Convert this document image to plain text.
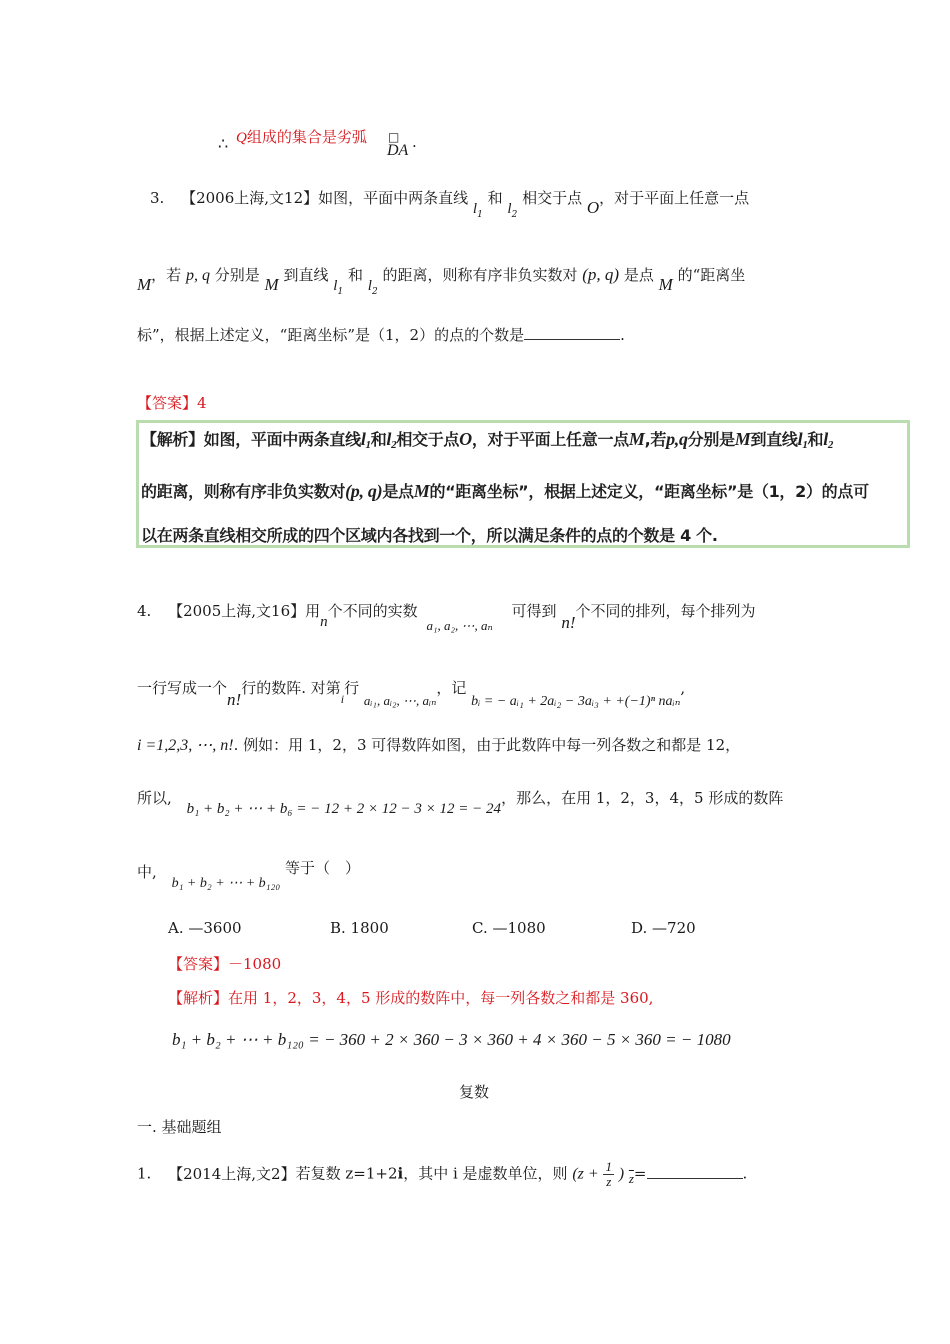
∴ Q组成的集合是劣弧 □
DA .
3. 【2006上海,文12】如图，平面中两条直线 $l_1$ 和 $l_2$ 相交于点 O，对于平面上任意一点
M，若 p, q 分别是 M 到直线 $l_1$ 和 $l_2$ 的距离，则称有序非负实数对 (p, q) 是点 M 的“距离坐
标”，根据上述定义，“距离坐标”是（1，2）的点的个数是	.
【答案】4
【解析】如图，平面中两条直线l1和l2相交于点O，对于平面上任意一点M,若p,q分别是M到直线l1和l2
的距离，则称有序非负实数对(p, q)是点M的“距离坐标”，根据上述定义，“距离坐标”是（1，2）的点可
以在两条直线相交所成的四个区域内各找到一个，所以满足条件的点的个数是 4 个.
4. 【2005上海,文16】用n个不同的实数 a₁, a₂, ⋯, aₙ 可得到 n!个不同的排列，每个排列为
一行写成一个n!行的数阵. 对第$_i$行 aᵢ₁, aᵢ₂, ⋯, aᵢₙ，记 bᵢ = − aᵢ₁ + 2aᵢ₂ − 3aᵢ₃ + +(−1)ⁿ naᵢₙ,
i =1,2,3, ⋯, n!. 例如：用 1，2，3 可得数阵如图，由于此数阵中每一列各数之和都是 12，
所以, b₁ + b₂ + ⋯ + b₆ = − 12 + 2 × 12 − 3 × 12 = − 24，那么，在用 1，2，3，4，5 形成的数阵
中, b₁ + b₂ + ⋯ + b₁₂₀ 等于（　）
A. —3600	B. 1800	C. —1080	D. —720
【答案】－1080
【解析】在用 1，2，3，4，5 形成的数阵中，每一列各数之和都是 360,
b₁ + b₂ + ⋯ + b₁₂₀ = − 360 + 2 × 360 − 3 × 360 + 4 × 360 − 5 × 360 = − 1080
复数
一. 基础题组
1. 【2014上海,文2】若复数 z=1+2i，其中 i 是虚数单位，则 ($z + \frac{1}{z}$ ) $\overline{z}=$	.
